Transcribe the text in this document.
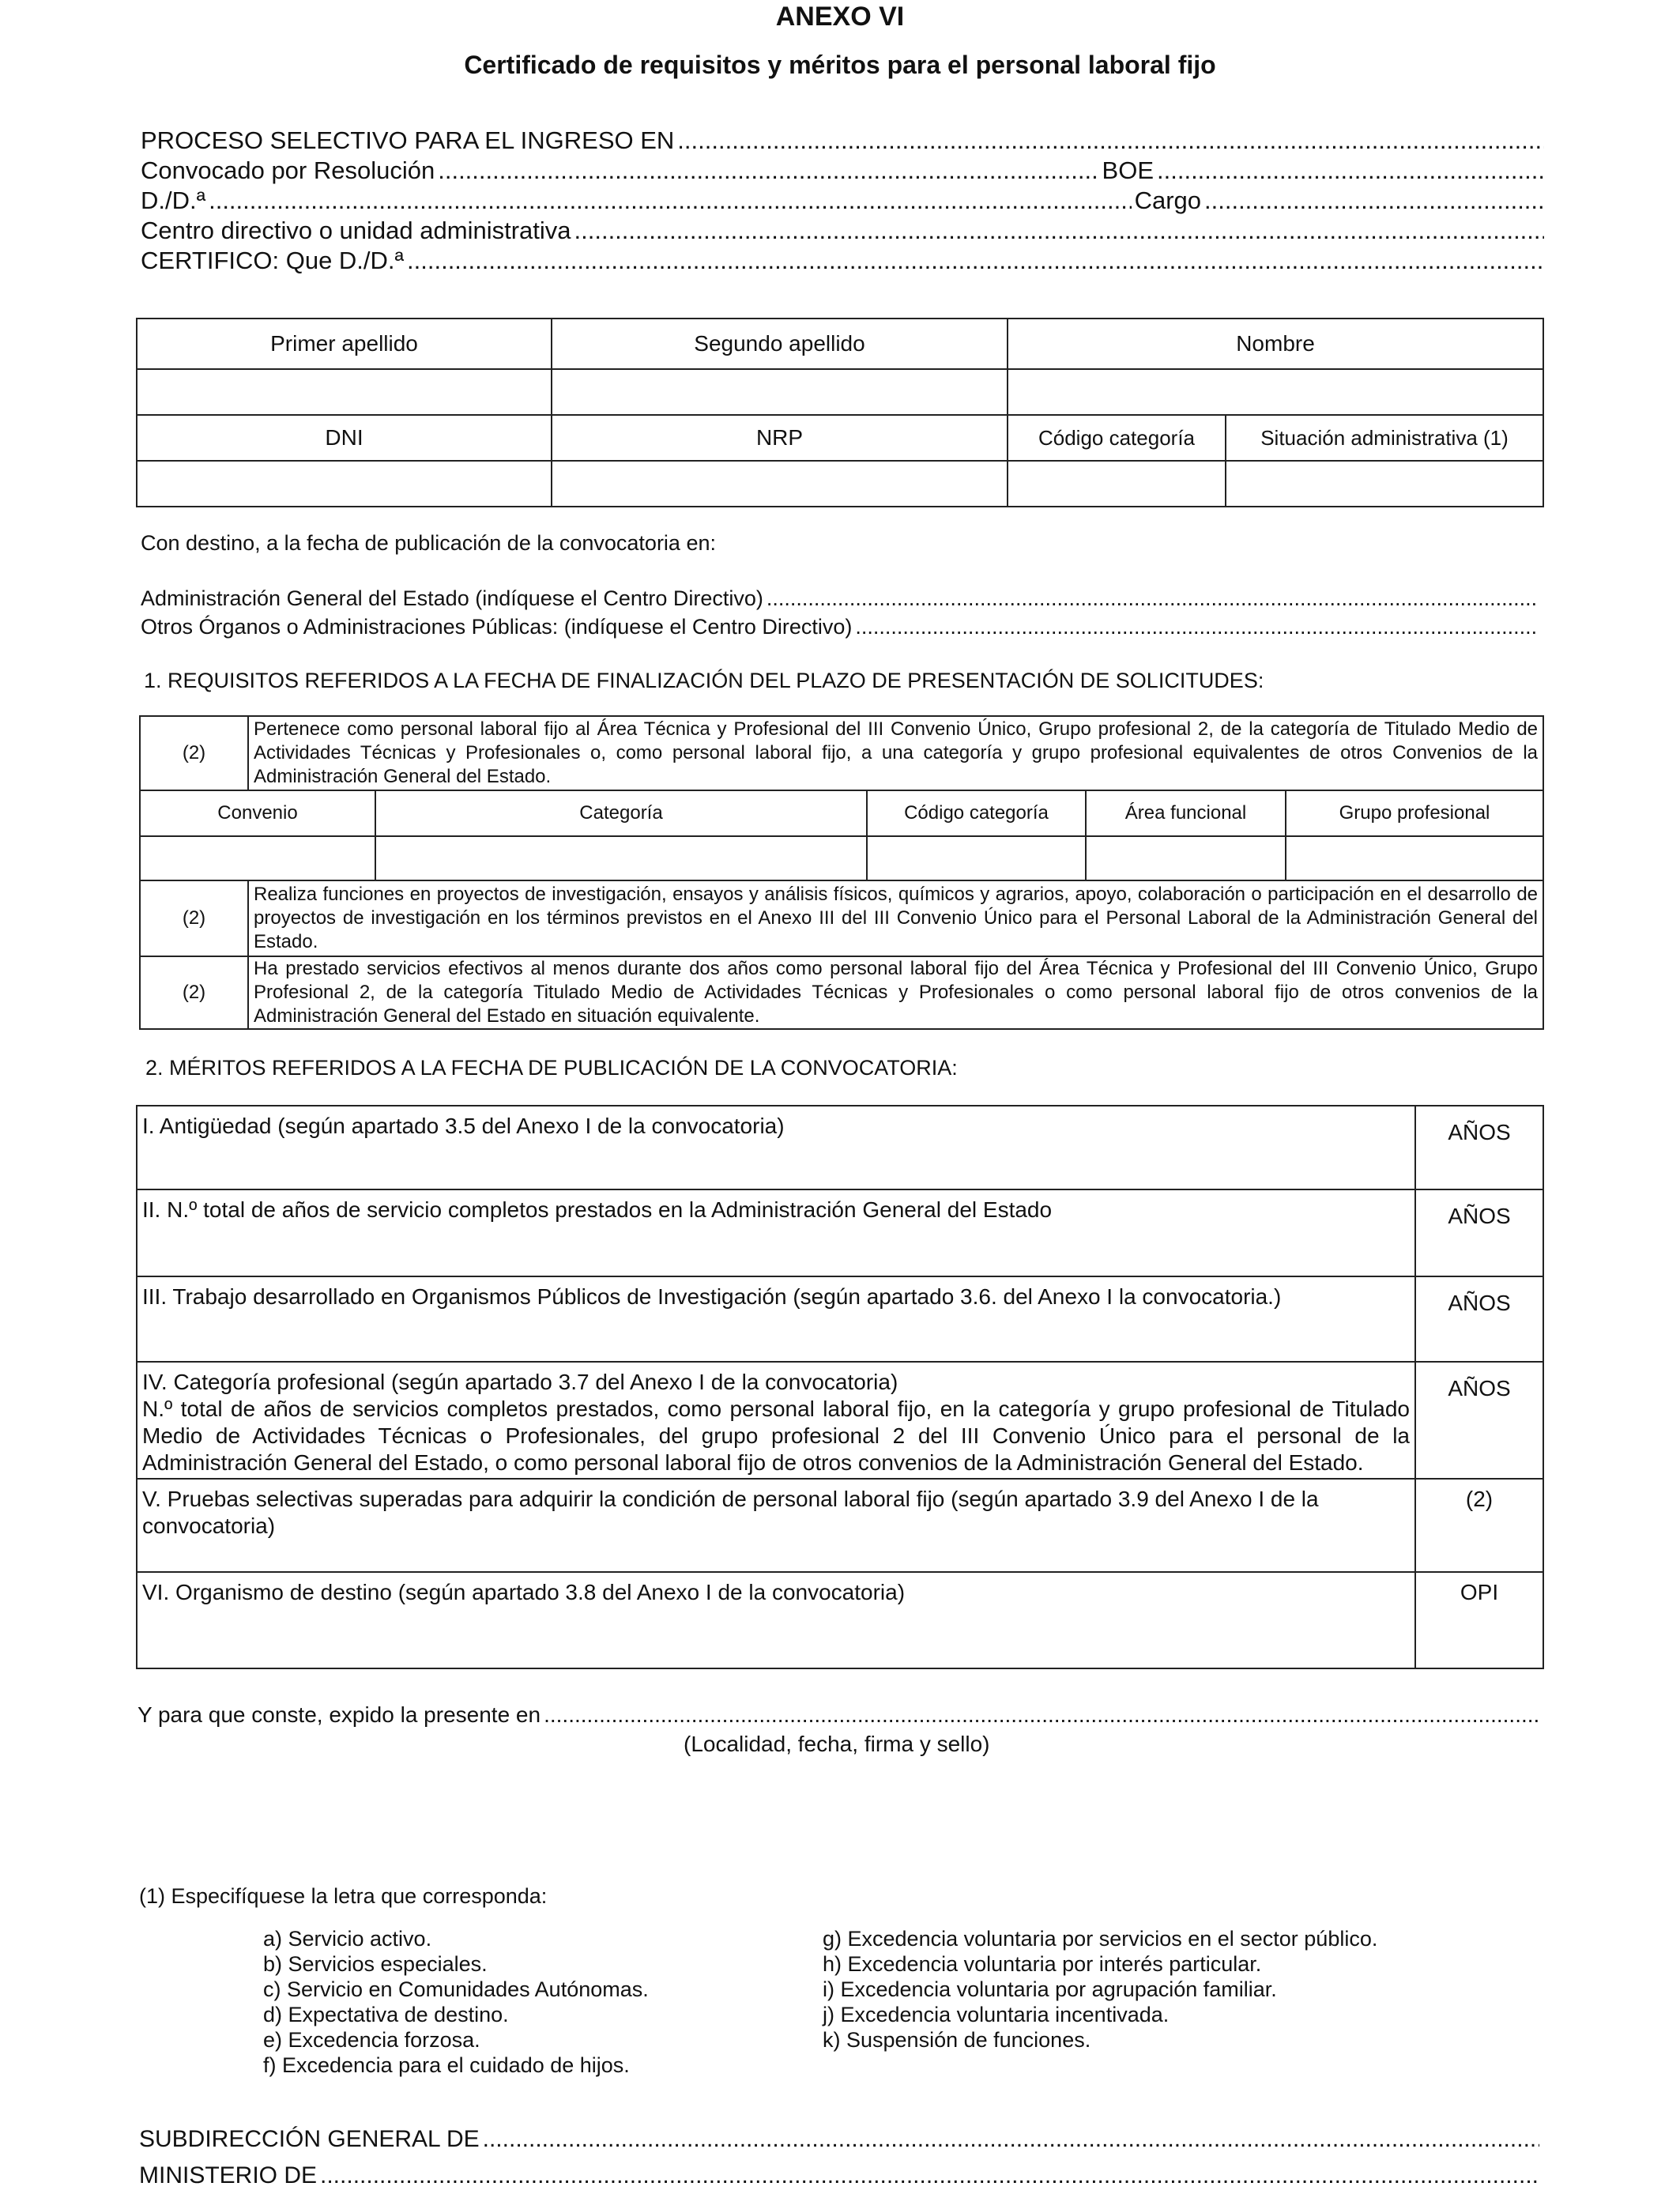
ANEXO VI
Certificado de requisitos y méritos para el personal laboral fijo
PROCESO SELECTIVO PARA EL INGRESO EN
.....
Convocado por Resolución .....	BOE
.....
D./D.ª .....	Cargo
.....
Centro directivo o unidad administrativa
.....
CERTIFICO: Que D./D.ª
.....
Primer apellido	Segundo apellido	Nombre	

DNI	NRP	Código categoría	Situación administrativa (1)

Con destino, a la fecha de publicación de la convocatoria en:
Administración General del Estado (indíquese el Centro Directivo)
.....
Otros Órganos o Administraciones Públicas: (indíquese el Centro Directivo)
.....
1. REQUISITOS REFERIDOS A LA FECHA DE FINALIZACIÓN DEL PLAZO DE PRESENTACIÓN DE SOLICITUDES:
(2)	Pertenece como personal laboral fijo al Área Técnica y Profesional del III Convenio Único, Grupo profesional 2, de la categoría de Titulado Medio de Actividades Técnicas y Profesionales o, como personal laboral fijo, a una categoría y grupo profesional equivalentes de otros Convenios de la Administración General del Estado.				
Convenio		Categoría	Código categoría	Área funcional	Grupo profesional

(2)	Realiza funciones en proyectos de investigación, ensayos y análisis físicos, químicos y agrarios, apoyo, colaboración o participación en el desarrollo de proyectos de investigación en los términos previstos en el Anexo III del III Convenio Único para el Personal Laboral de la Administración General del Estado.				
(2)	Ha prestado servicios efectivos al menos durante dos años como personal laboral fijo del Área Técnica y Profesional del III Convenio Único, Grupo Profesional 2, de la categoría Titulado Medio de Actividades Técnicas y Profesionales o como personal laboral fijo de otros convenios de la Administración General del Estado en situación equivalente.				
2. MÉRITOS REFERIDOS A LA FECHA DE PUBLICACIÓN DE LA CONVOCATORIA:
I. Antigüedad (según apartado 3.5 del Anexo I de la convocatoria)	AÑOS
II. N.º total de años de servicio completos prestados en la Administración General del Estado	AÑOS
III. Trabajo desarrollado en Organismos Públicos de Investigación (según apartado 3.6. del Anexo I la convocatoria.)	AÑOS

IV. Categoría profesional (según apartado 3.7 del Anexo I de la convocatoria)
N.º total de años de servicios completos prestados, como personal laboral fijo, en la categoría y grupo profesional de Titulado Medio de Actividades Técnicas o Profesionales, del grupo profesional 2 del III Convenio Único para el personal de la Administración General del Estado, o como personal laboral fijo de otros convenios de la Administración General del Estado.	AÑOS
V. Pruebas selectivas superadas para adquirir la condición de personal laboral fijo (según apartado 3.9 del Anexo I de la convocatoria)	(2)
VI. Organismo de destino (según apartado 3.8 del Anexo I de la convocatoria)	OPI
Y para que conste, expido la presente en
.....
(Localidad, fecha, firma y sello)
(1) Especifíquese la letra que corresponda:
a) Servicio activo.
b) Servicios especiales.
c) Servicio en Comunidades Autónomas.
d) Expectativa de destino.
e) Excedencia forzosa.
f) Excedencia para el cuidado de hijos.
g) Excedencia voluntaria por servicios en el sector público.
h) Excedencia voluntaria por interés particular.
i) Excedencia voluntaria por agrupación familiar.
j) Excedencia voluntaria incentivada.
k) Suspensión de funciones.
SUBDIRECCIÓN GENERAL DE
.....
MINISTERIO DE
.....
